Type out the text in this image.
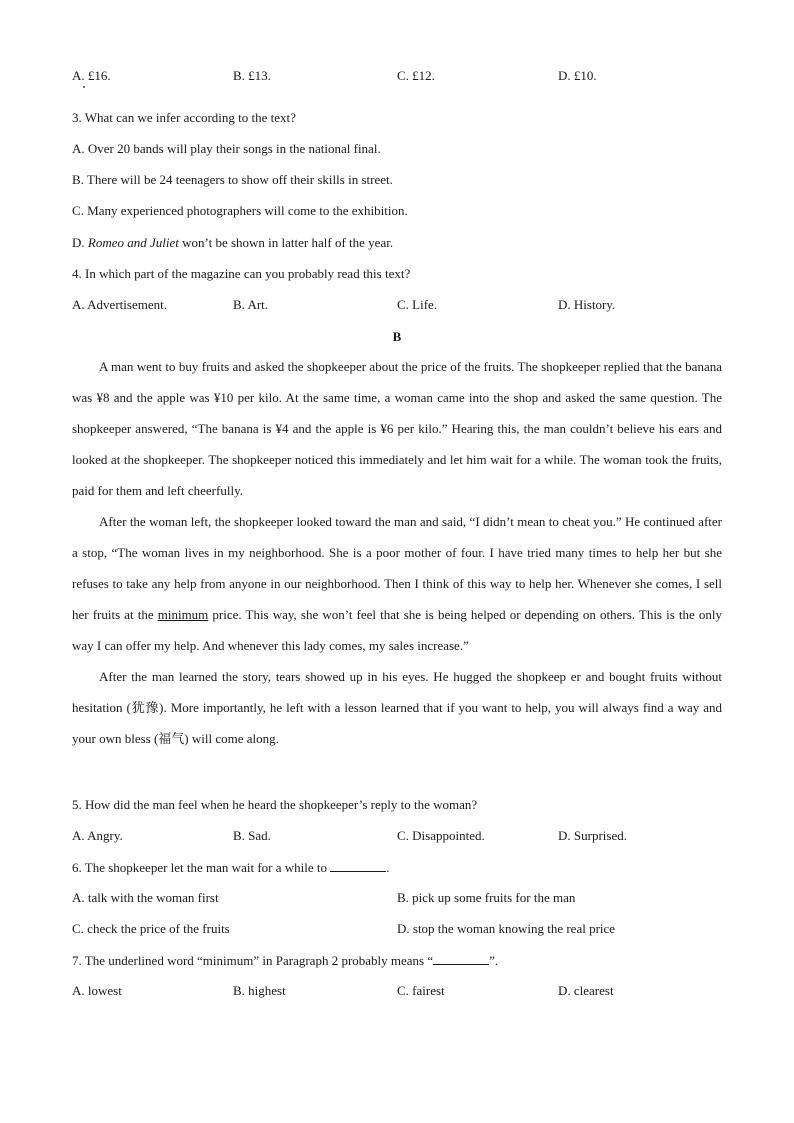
A. £16.	B. £13.	C. £12.	D. £10.
3. What can we infer according to the text?
A. Over 20 bands will play their songs in the national final.
B. There will be 24 teenagers to show off their skills in street.
C. Many experienced photographers will come to the exhibition.
D. Romeo and Juliet won’t be shown in latter half of the year.
4. In which part of the magazine can you probably read this text?
A. Advertisement.	B. Art.	C. Life.	D. History.
B

A man went to buy fruits and asked the shopkeeper about the price of the fruits. The shopkeeper replied that the banana was ¥8 and the apple was ¥10 per kilo. At the same time, a woman came into the shop and asked the same question. The shopkeeper answered, “The banana is ¥4 and the apple is ¥6 per kilo.” Hearing this, the man couldn’t believe his ears and looked at the shopkeeper. The shopkeeper noticed this immediately and let him wait for a while. The woman took the fruits, paid for them and left cheerfully.

After the woman left, the shopkeeper looked toward the man and said, “I didn’t mean to cheat you.” He continued after a stop, “The woman lives in my neighborhood. She is a poor mother of four. I have tried many times to help her but she refuses to take any help from anyone in our neighborhood. Then I think of this way to help her. Whenever she comes, I sell her fruits at the minimum price. This way, she won’t feel that she is being helped or depending on others. This is the only way I can offer my help. And whenever this lady comes, my sales increase.”

After the man learned the story, tears showed up in his eyes. He hugged the shopkeep er and bought fruits without hesitation (犹豫). More importantly, he left with a lesson learned that if you want to help, you will always find a way and your own bless (福气) will come along.

5. How did the man feel when he heard the shopkeeper’s reply to the woman?
A. Angry.	B. Sad.	C. Disappointed.	D. Surprised.
6. The shopkeeper let the man wait for a while to	.
A. talk with the woman first	B. pick up some fruits for the man
C. check the price of the fruits	D. stop the woman knowing the real price
7. The underlined word “minimum” in Paragraph 2 probably means “	”.
A. lowest	B. highest	C. fairest	D. clearest
